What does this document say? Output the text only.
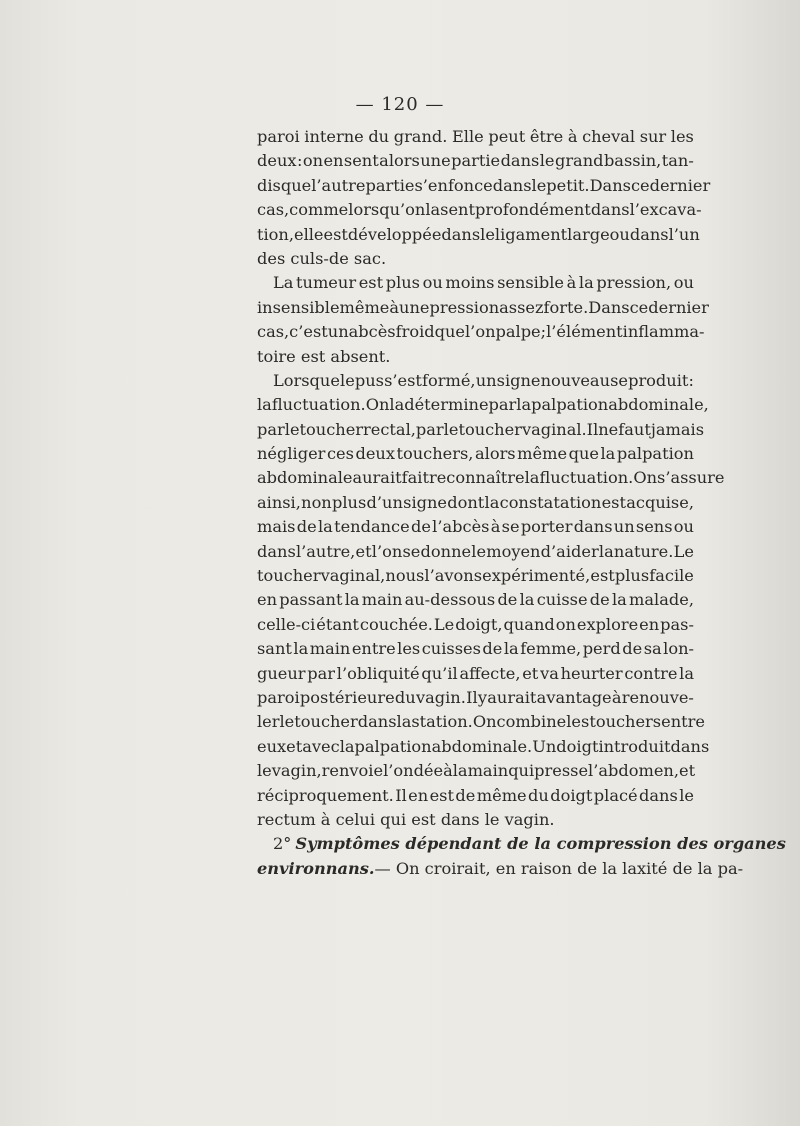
— 120 —
paroi interne du grand. Elle peut être à cheval sur les
deux : on en sent alors une partie dans le grand bassin, tan-
dis que l’autre partie s’enfonce dans le petit. Dans ce dernier
cas, comme lorsqu’on la sent profondément dans l’excava-
tion, elle est développée dans le ligament large ou dans l’un
des culs-de sac.
La tumeur est plus ou moins sensible à la pression, ou
insensible même à une pression assez forte. Dans ce dernier
cas, c’est un abcès froid que l’on palpe ; l’élément inflamma-
toire est absent.
Lorsque le pus s’est formé, un signe nouveau se produit :
la fluctuation. On la détermine par la palpation abdominale,
par le toucher rectal, par le toucher vaginal. Il ne faut jamais
négliger ces deux touchers, alors même que la palpation
abdominale aurait fait reconnaître la fluctuation. On s’assure
ainsi, non plus d’un signe dont la constatation est acquise,
mais de la tendance de l’abcès à se porter dans un sens ou
dans l’autre, et l’on se donne le moyen d’aider la nature. Le
toucher vaginal, nous l’avons expérimenté, est plus facile
en passant la main au-dessous de la cuisse de la malade,
celle-ci étant couchée. Le doigt, quand on explore en pas-
sant la main entre les cuisses de la femme, perd de sa lon-
gueur par l’obliquité qu’il affecte, et va heurter contre la
paroi postérieure du vagin. Il y aurait avantage à renouve-
ler le toucher dans la station. On combine les touchers entre
eux et avec la palpation abdominale. Un doigt introduit dans
le vagin, renvoie l’ondée à la main qui presse l’abdomen, et
réciproquement. Il en est de même du doigt placé dans le
rectum à celui qui est dans le vagin.
2° Symptômes dépendant de la compression des organes
environnans. — On croirait, en raison de la laxité de la pa-
